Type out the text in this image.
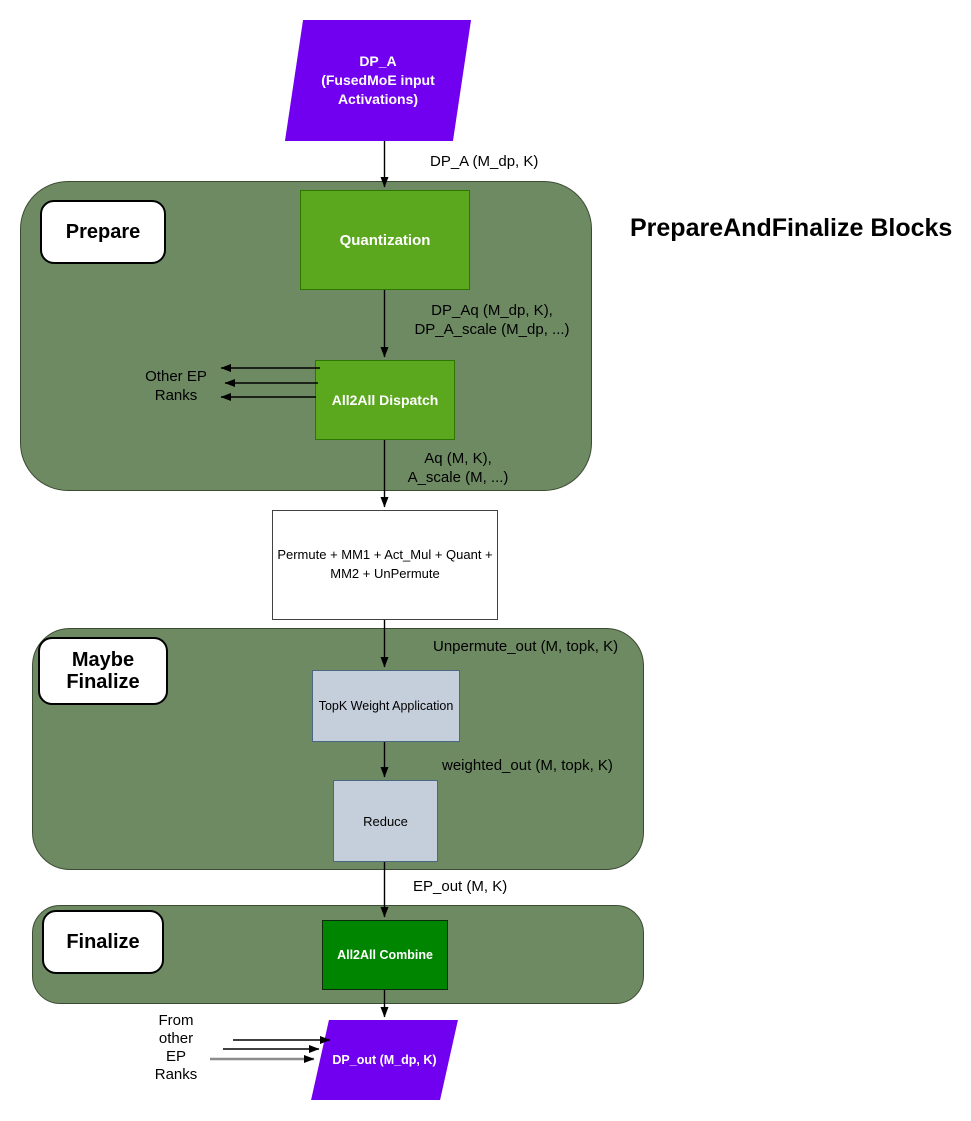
Prepare
Maybe
Finalize
Finalize
PrepareAndFinalize Blocks
DP_A
(FusedMoE input
Activations)
Quantization
All2All Dispatch
Permute + MM1 + Act_Mul + Quant +
MM2 + UnPermute
TopK Weight Application
Reduce
All2All Combine
DP_out (M_dp, K)
DP_A (M_dp, K)
DP_Aq (M_dp, K),
DP_A_scale (M_dp, ...)
Other EP
Ranks
Aq (M, K),
A_scale (M, ...)
Unpermute_out (M, topk, K)
weighted_out (M, topk, K)
EP_out (M, K)
From
other
EP
Ranks
